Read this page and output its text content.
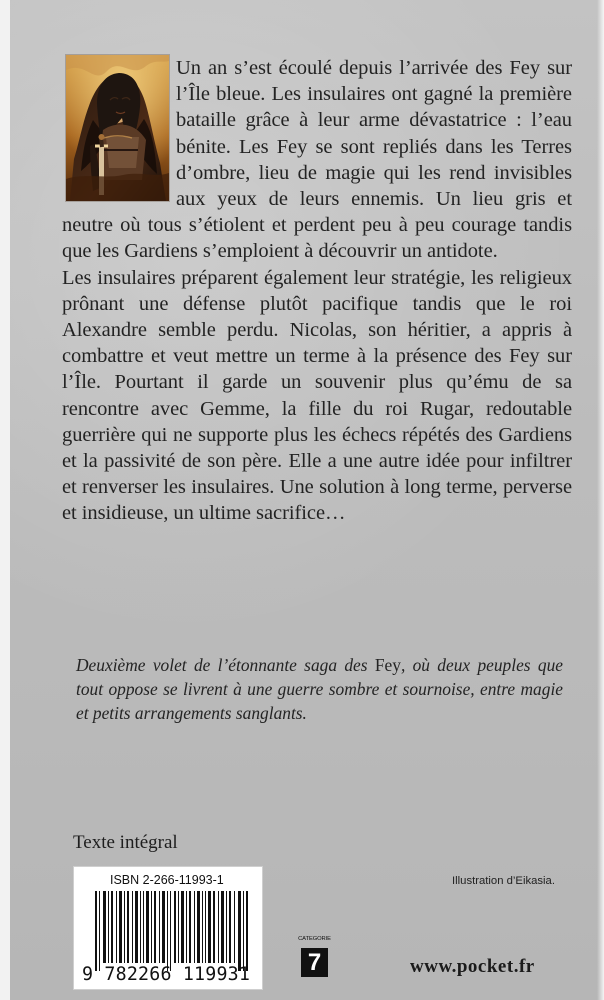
Un an s’est écoulé depuis l’arrivée des Fey sur l’Île bleue. Les insulaires ont gagné la première bataille grâce à leur arme dévastatrice : l’eau bénite. Les Fey se sont repliés dans les Terres d’ombre, lieu de magie qui les rend invisibles aux yeux de leurs ennemis. Un lieu gris et neutre où tous s’étiolent et perdent peu à peu courage tandis que les Gardiens s’emploient à découvrir un antidote.

Les insulaires préparent également leur stratégie, les religieux prônant une défense plutôt pacifique tandis que le roi Alexandre semble perdu. Nicolas, son héritier, a appris à combattre et veut mettre un terme à la présence des Fey sur l’Île. Pourtant il garde un souvenir plus qu’ému de sa rencontre avec Gemme, la fille du roi Rugar, redoutable guerrière qui ne supporte plus les échecs répétés des Gardiens et la passivité de son père. Elle a une autre idée pour infiltrer et renverser les insulaires. Une solution à long terme, perverse et insidieuse, un ultime sacrifice…

Deuxième volet de l’étonnante saga des Fey, où deux peuples que tout oppose se livrent à une guerre sombre et sournoise, entre magie et petits arrangements sanglants.
Texte intégral
ISBN 2-266-11993-1
9 782266 119931
CATEGORIE
7
Illustration d’Eikasia.
www.pocket.fr
